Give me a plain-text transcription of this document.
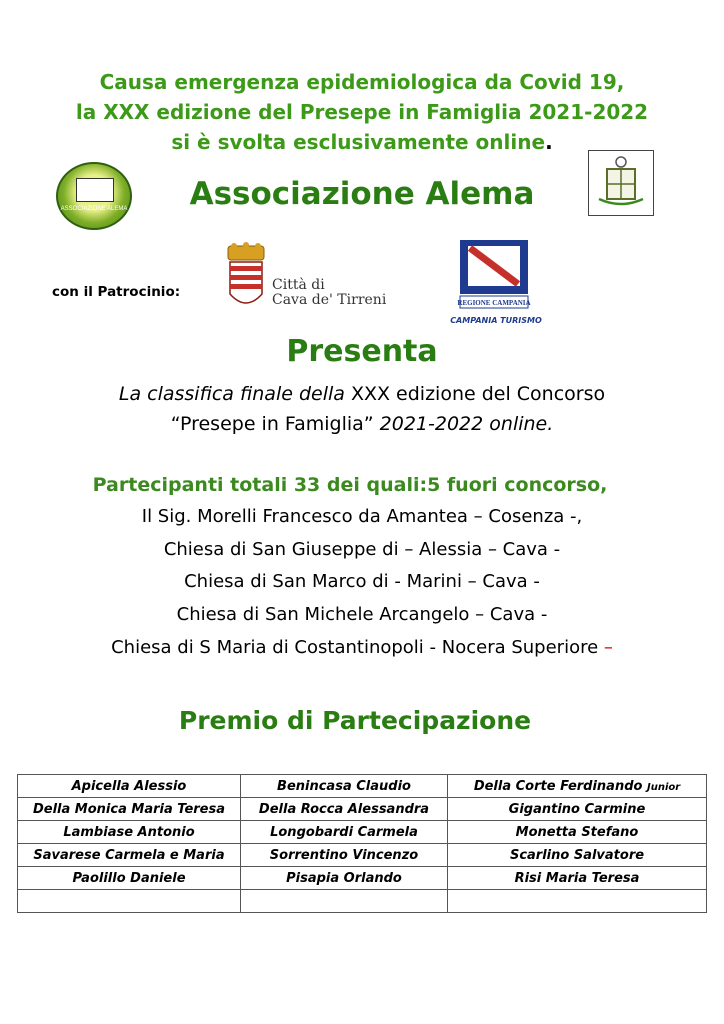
Causa emergenza epidemiologica da Covid 19,
la XXX edizione del Presepe in Famiglia 2021-2022
si è svolta esclusivamente online.
ASSOCIAZIONE ALEMA	Associazione Alema
con il Patrocinio:	Città di
Cava de' Tirreni	REGIONE CAMPANIA
CAMPANIA TURISMO
Presenta
La classifica finale della XXX edizione del Concorso
“Presepe in Famiglia” 2021-2022 online.
Partecipanti totali 33 dei quali:5 fuori concorso,
Il Sig. Morelli Francesco da Amantea – Cosenza -,
Chiesa di San Giuseppe di – Alessia – Cava -
Chiesa di San Marco di - Marini – Cava -
Chiesa di San Michele Arcangelo – Cava -
Chiesa di S Maria di Costantinopoli - Nocera Superiore –
Premio di Partecipazione
Apicella Alessio	Benincasa Claudio	Della Corte Ferdinando Junior
Della Monica Maria Teresa	Della Rocca Alessandra	Gigantino Carmine
Lambiase Antonio	Longobardi Carmela	Monetta Stefano
Savarese Carmela e Maria	Sorrentino Vincenzo	Scarlino Salvatore
Paolillo Daniele	Pisapia Orlando	Risi Maria Teresa
